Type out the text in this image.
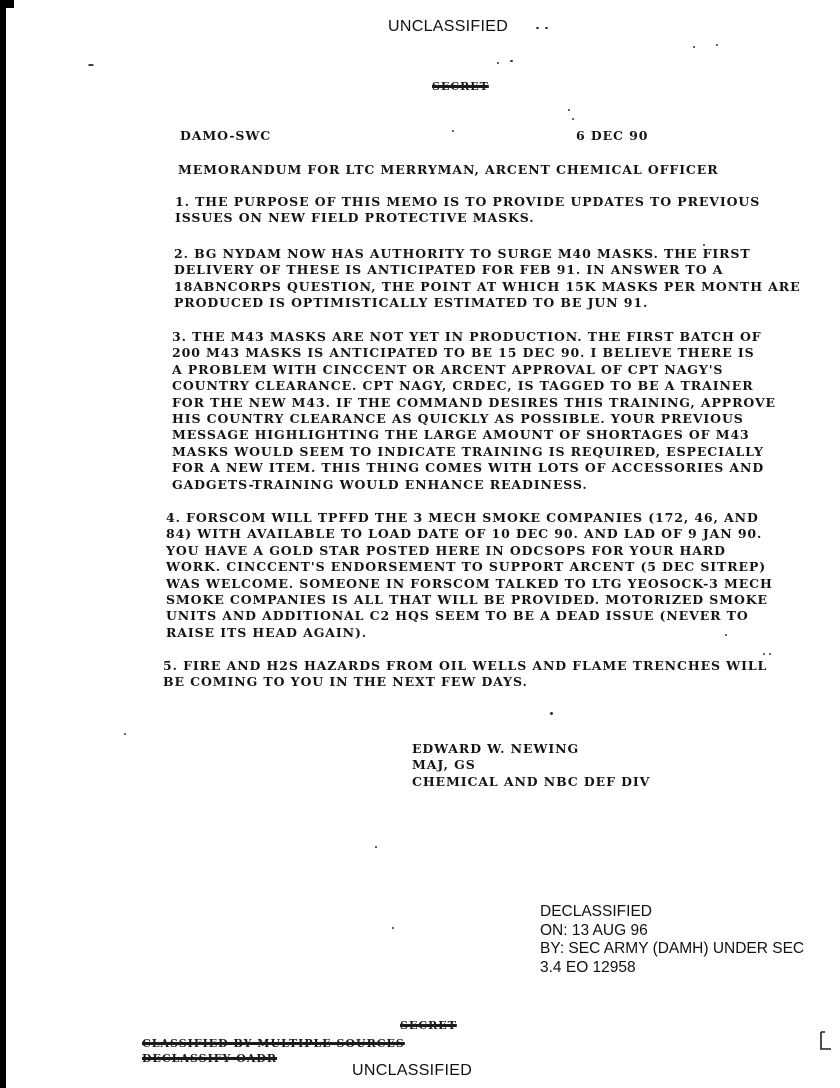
UNCLASSIFIED
SECRET
DAMO-SWC	6 DEC 90
MEMORANDUM FOR LTC MERRYMAN, ARCENT CHEMICAL OFFICER
1. THE PURPOSE OF THIS MEMO IS TO PROVIDE UPDATES TO PREVIOUS
ISSUES ON NEW FIELD PROTECTIVE MASKS.
2. BG NYDAM NOW HAS AUTHORITY TO SURGE M40 MASKS. THE FIRST
DELIVERY OF THESE IS ANTICIPATED FOR FEB 91. IN ANSWER TO A
18ABNCORPS QUESTION, THE POINT AT WHICH 15K MASKS PER MONTH ARE
PRODUCED IS OPTIMISTICALLY ESTIMATED TO BE JUN 91.
3. THE M43 MASKS ARE NOT YET IN PRODUCTION. THE FIRST BATCH OF
200 M43 MASKS IS ANTICIPATED TO BE 15 DEC 90. I BELIEVE THERE IS
A PROBLEM WITH CINCCENT OR ARCENT APPROVAL OF CPT NAGY'S
COUNTRY CLEARANCE. CPT NAGY, CRDEC, IS TAGGED TO BE A TRAINER
FOR THE NEW M43. IF THE COMMAND DESIRES THIS TRAINING, APPROVE
HIS COUNTRY CLEARANCE AS QUICKLY AS POSSIBLE. YOUR PREVIOUS
MESSAGE HIGHLIGHTING THE LARGE AMOUNT OF SHORTAGES OF M43
MASKS WOULD SEEM TO INDICATE TRAINING IS REQUIRED, ESPECIALLY
FOR A NEW ITEM. THIS THING COMES WITH LOTS OF ACCESSORIES AND
GADGETS-TRAINING WOULD ENHANCE READINESS.
4. FORSCOM WILL TPFFD THE 3 MECH SMOKE COMPANIES (172, 46, AND
84) WITH AVAILABLE TO LOAD DATE OF 10 DEC 90. AND LAD OF 9 JAN 90.
YOU HAVE A GOLD STAR POSTED HERE IN ODCSOPS FOR YOUR HARD
WORK. CINCCENT'S ENDORSEMENT TO SUPPORT ARCENT (5 DEC SITREP)
WAS WELCOME. SOMEONE IN FORSCOM TALKED TO LTG YEOSOCK-3 MECH
SMOKE COMPANIES IS ALL THAT WILL BE PROVIDED. MOTORIZED SMOKE
UNITS AND ADDITIONAL C2 HQS SEEM TO BE A DEAD ISSUE (NEVER TO
RAISE ITS HEAD AGAIN).
5. FIRE AND H2S HAZARDS FROM OIL WELLS AND FLAME TRENCHES WILL
BE COMING TO YOU IN THE NEXT FEW DAYS.
EDWARD W. NEWING
MAJ, GS
CHEMICAL AND NBC DEF DIV
DECLASSIFIED
ON: 13 AUG 96
BY: SEC ARMY (DAMH) UNDER SEC
3.4 EO 12958
SECRET
CLASSIFIED BY MULTIPLE SOURCES
DECLASSIFY OADR
UNCLASSIFIED
